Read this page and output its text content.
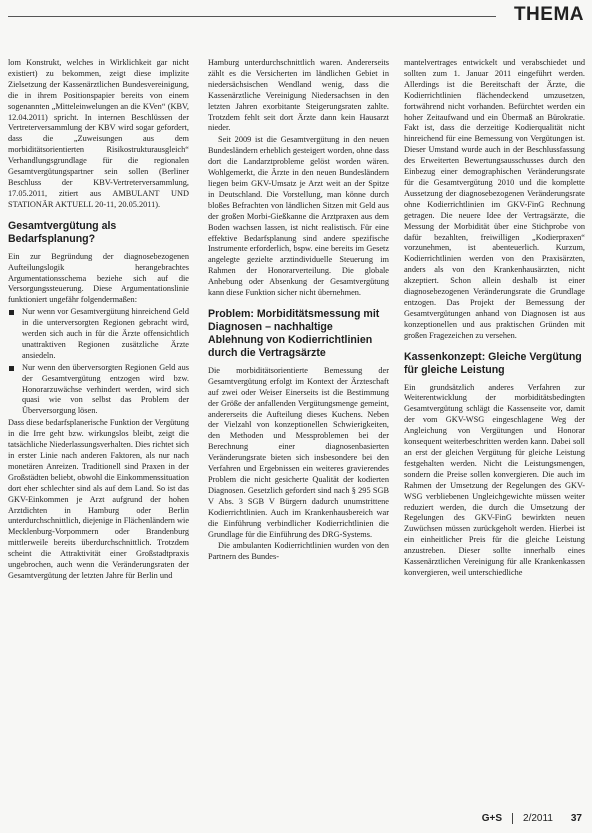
THEMA

lom Konstrukt, welches in Wirklichkeit gar nicht existiert) zu bekommen, zeigt diese implizite Zielsetzung der Kassenärztlichen Bundesvereinigung, die in ihrem Positionspapier bereits von einem sogenannten „Mitteleinwelungen an die KVen“ (KBV, 12.04.2011) spricht. In internen Beschlüssen der Vertreterversammlung der KBV wird sogar gefordert, dass die „Zuweisungen aus dem morbiditätsorientierten Risikostrukturausgleich“ Verhandlungsgrundlage für die regionalen Gesamtvergütungspartner sein sollen (Berliner Beschluss der KBV-Vertreterversammlung, 17.05.2011, zitiert aus AMBULANT UND STATIONÄR AKTUELL 20-11, 20.05.2011).

Gesamtvergütung als Bedarfsplanung?

Ein zur Begründung der diagnosebezogenen Aufteilungslogik herangebrachtes Argumentationsschema beziehe sich auf die Versorgungssteuerung. Diese Argumentationslinie funktioniert ungefähr folgendermaßen:

Nur wenn vor Gesamtvergütung hinreichend Geld in die unterversorgten Regionen gebracht wird, werden sich auch in für die Ärzte offensichtlich unattraktiven Regionen zusätzliche Ärzte ansiedeln.
Nur wenn den überversorgten Regionen Geld aus der Gesamtvergütung entzogen wird bzw. Honorarzuwächse verhindert werden, wird sich quasi wie von selbst das Problem der Überversorgung lösen.

Dass diese bedarfsplanerische Funktion der Vergütung in die Irre geht bzw. wirkungslos bleibt, zeigt die tatsächliche Niederlassungsverhalten. Dies richtet sich in erster Linie nach anderen Faktoren, als nur nach monetären Anreizen. Traditionell sind Praxen in der Großstädten beliebt, obwohl die Einkommenssituation dort eher schlechter sind als auf dem Land. So ist das GKV-Einkommen je Arzt aufgrund der hohen Arztdichten in Hamburg oder Berlin unterdurchschnittlich, diejenige in Flächenländern wie Mecklenburg-Vorpommern oder Brandenburg mittlerweile bereits überdurchschnittlich. Trotzdem scheint die Attraktivität einer Großstadtpraxis ungebrochen, auch wenn die Veränderungsraten der Gesamtvergütung der letzten Jahre für Berlin und

Hamburg unterdurchschnittlich waren. Andererseits zählt es die Versicherten im ländlichen Gebiet in niedersächsischen Wendland wenig, dass die Kassenärztliche Vereinigung Niedersachsen in den letzten Jahren exorbitante Steigerungsraten zahlte. Trotzdem fehlt seit dort Ärzte dann kein Hausarzt nieder.

Seit 2009 ist die Gesamtvergütung in den neuen Bundesländern erheblich gesteigert worden, ohne dass dort die Landarztprobleme gelöst worden wären. Wohlgemerkt, die Ärzte in den neuen Bundesländern liegen beim GKV-Umsatz je Arzt weit an der Spitze in Deutschland. Die Vorstellung, man könne durch bloßes Befrachten von ländlichen Sitzen mit Geld aus der großen Morbi-Gießkanne die Arztpraxen aus dem Boden wachsen lassen, ist nicht realistisch. Für eine effektive Bedarfsplanung sind andere spezifische Instrumente erforderlich, bspw. eine bereits im Gesetz angelegte gezielte arztindividuelle Steuerung im Rahmen der Honorarverteilung. Die globale Anhebung oder Absenkung der Gesamtvergütung kann diese Funktion sicher nicht übernehmen.

Problem: Morbiditätsmessung mit Diagnosen – nachhaltige Ablehnung von Kodierrichtlinien durch die Vertragsärzte

Die morbiditätsorientierte Bemessung der Gesamtvergütung erfolgt im Kontext der Ärzteschaft auf zwei oder Weiser Einerseits ist die Bestimmung der Größe der anfallenden Vergütungsmenge gemeint, andererseits die Aufteilung dieses Kuchens. Neben der Vielzahl von konzeptionellen Schwierigkeiten, den Methoden und Messproblemen bei der Berechnung einer diagnosenbasierten Veränderungsrate bieten sich insbesondere bei den Verfahren und Ergebnissen ein weiteres gravierendes Problem die nicht gesicherte Qualität der kodierten Diagnosen. Gesetzlich gefordert sind nach § 295 SGB V Abs. 3 SGB V Bürgern dadurch unumstrittene Kodierrichtlinien. Auch im Krankenhausbereich war die Einführung verbindlicher Kodierrichtlinien die Grundlage für die Einführung des DRG-Systems.

Die ambulanten Kodierrichtlinien wurden von den Partnern des Bundes-

mantelvertrages entwickelt und verabschiedet und sollten zum 1. Januar 2011 eingeführt werden. Allerdings ist die Bereitschaft der Ärzte, die Kodierrichtlinien flächendeckend umzusetzen, fortwährend nicht vorhanden. Befürchtet werden ein hoher Zeitaufwand und ein Übermaß an Bürokratie. Fakt ist, dass die derzeitige Kodierqualität nicht hinreichend für eine Bemessung von Vergütungen ist. Dieser Umstand wurde auch in der Beschlussfassung des Erweiterten Bewertungsausschusses durch den Einbezug einer demographischen Veränderungsrate für die Gesamtvergütung 2010 und die komplette Aussetzung der diagnosebezogenen Veränderungsrate ohne Kodierrichtlinien im GKV-FinG Rechnung getragen. Die neuere Idee der Vertragsärzte, die Messung der Morbidität über eine Stichprobe von dafür bezahlten, freiwilligen „Kodierpraxen“ vorzunehmen, ist abenteuerlich. Kurzum, Kodierrichtlinien werden von den Praxisärzten, anders als von den Krankenhausärzten, nicht akzeptiert. Schon allein deshalb ist einer diagnosebezogenen Veränderungsrate die Grundlage entzogen. Das Projekt der Bemessung der Gesamtvergütungen anhand von Diagnosen ist aus konzeptionellen und aus praktischen Gründen mit großen Fragezeichen zu versehen.

Kassenkonzept: Gleiche Vergütung für gleiche Leistung

Ein grundsätzlich anderes Verfahren zur Weiterentwicklung der morbiditätsbedingten Gesamtvergütung schlägt die Kassenseite vor, damit der vom GKV-WSG eingeschlagene Weg der Angleichung von Vergütungen und Honorar konsequent weiterbeschritten werden kann. Dabei soll an erst der gleichen Vergütung für gleiche Leistung festgehalten werden. Nicht die Leistungsmengen, sondern die Preise sollen konvergieren. Die auch im Rahmen der Umsetzung der Regelungen des GKV-WSG verbliebenen Ungleichgewichte müssen weiter reduziert werden, die durch die Umsetzung der Regelungen des GKV-FinG bewirkten neuen Zuwüchsen müssen zurückgeholt werden. Hierbei ist ein einheitlicher Preis für die gleiche Leistung anzustreben. Dieser sollte innerhalb eines Kassenärztlichen Vereinigung für alle Krankenkassen konvergieren, weil unterschiedliche

G+S 2/2011 37
